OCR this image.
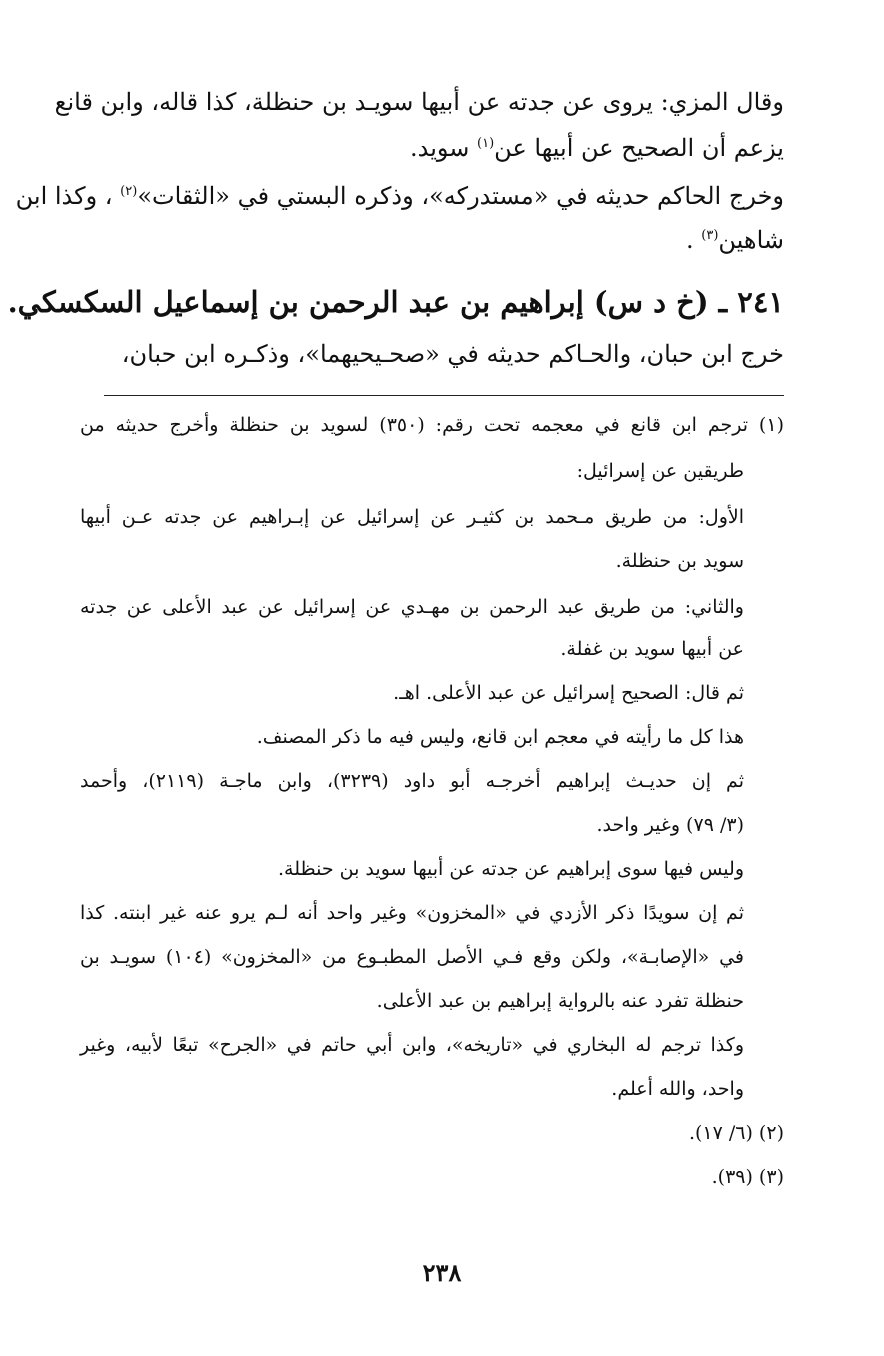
وقال المزي: يروى عن جدته عن أبيها سويـد بن حنظلة، كذا قاله، وابن قانع
يزعم أن الصحيح عن أبيها عن$^{(١)}$ سويد.
وخرج الحاكم حديثه في «مستدركه»، وذكره البستي في «الثقات»$^{(٢)}$ ، وكذا ابن
شاهين$^{(٣)}$ .
٢٤١ ـ (خ د س) إبراهيم بن عبد الرحمن بن إسماعيل السكسكي.
خرج ابن حبان، والحـاكم حديثه في «صحـيحيهما»، وذكـره ابن حبان،
(١) ترجم ابن قانع في معجمه تحت رقم: (٣٥٠) لسويد بن حنظلة وأخرج حديثه من
طريقين عن إسرائيل:
الأول: من طريق مـحمد بن كثيـر عن إسرائيل عن إبـراهيم عن جدته عـن أبيها
سويد بن حنظلة.
والثاني: من طريق عبد الرحمن بن مهـدي عن إسرائيل عن عبد الأعلى عن جدته
عن أبيها سويد بن غفلة.
ثم قال: الصحيح إسرائيل عن عبد الأعلى. اهـ.
هذا كل ما رأيته في معجم ابن قانع، وليس فيه ما ذكر المصنف.
ثم إن حديـث إبراهيم أخرجـه أبو داود (٣٢٣٩)، وابن ماجـة (٢١١٩)، وأحمد
(٣/ ٧٩) وغير واحد.
وليس فيها سوى إبراهيم عن جدته عن أبيها سويد بن حنظلة.
ثم إن سويدًا ذكر الأزدي في «المخزون» وغير واحد أنه لـم يرو عنه غير ابنته. كذا
في «الإصابـة»، ولكن وقع فـي الأصل المطبـوع من «المخزون» (١٠٤) سويـد بن
حنظلة تفرد عنه بالرواية إبراهيم بن عبد الأعلى.
وكذا ترجم له البخاري في «تاريخه»، وابن أبي حاتم في «الجرح» تبعًا لأبيه، وغير
واحد، والله أعلم.
(٢) (٦/ ١٧).
(٣) (٣٩).
٢٣٨
